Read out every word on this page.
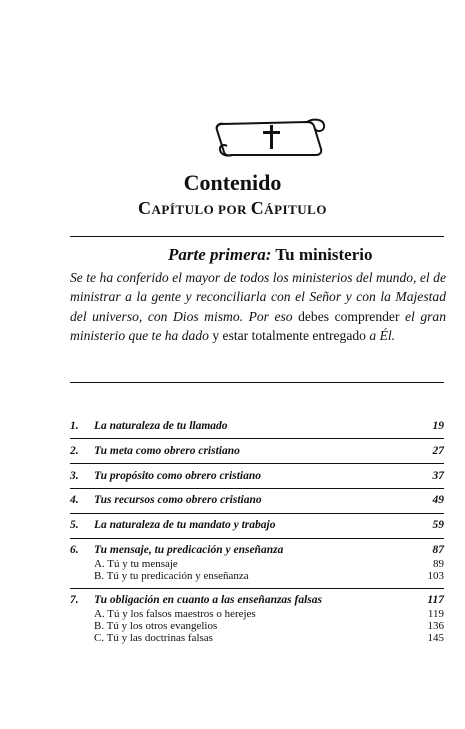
Contenido
CAPÍTULO POR CÁPITULO
Parte primera: Tu ministerio
Se te ha conferido el mayor de todos los ministerios del mundo, el de ministrar a la gente y reconciliarla con el Señor y con la Majestad del universo, con Dios mismo. Por eso debes comprender el gran ministerio que te ha dado y estar totalmente entregado a Él.
1. La naturaleza de tu llamado	19
2. Tu meta como obrero cristiano	27
3. Tu propósito como obrero cristiano	37
4. Tus recursos como obrero cristiano	49
5. La naturaleza de tu mandato y trabajo	59
6. Tu mensaje, tu predicación y enseñanza	87
A. Tú y tu mensaje	89
B. Tú y tu predicación y enseñanza	103
7. Tu obligación en cuanto a las enseñanzas falsas	117
A. Tú y los falsos maestros o herejes	119
B. Tú y los otros evangelios	136
C. Tú y las doctrinas falsas	145
